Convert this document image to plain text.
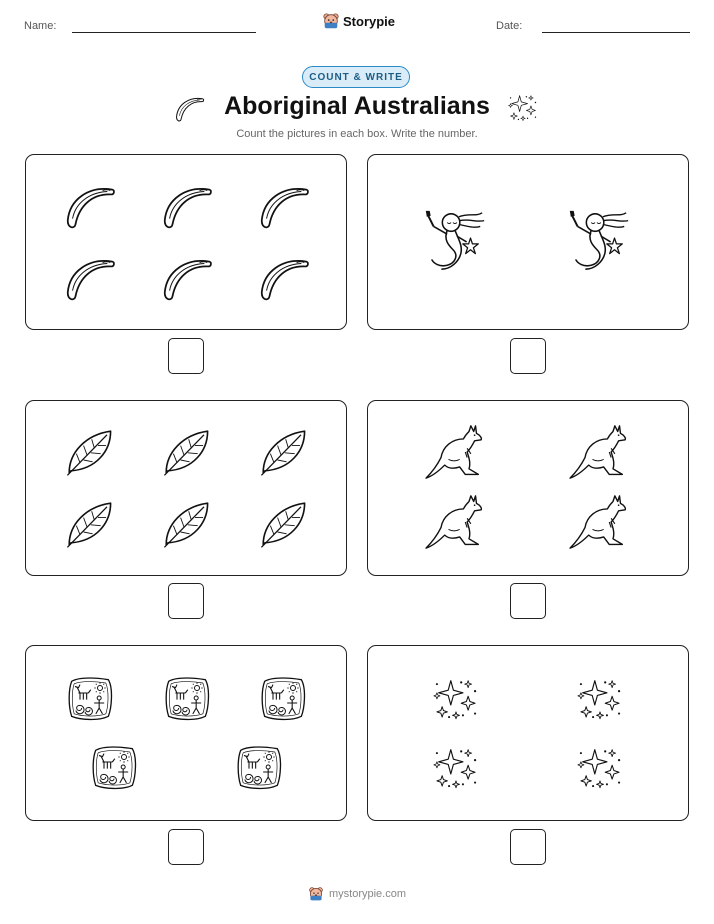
Name:	Storypie	Date:
COUNT & WRITE
Aboriginal Australians
Count the pictures in each box. Write the number.
mystorypie.com
